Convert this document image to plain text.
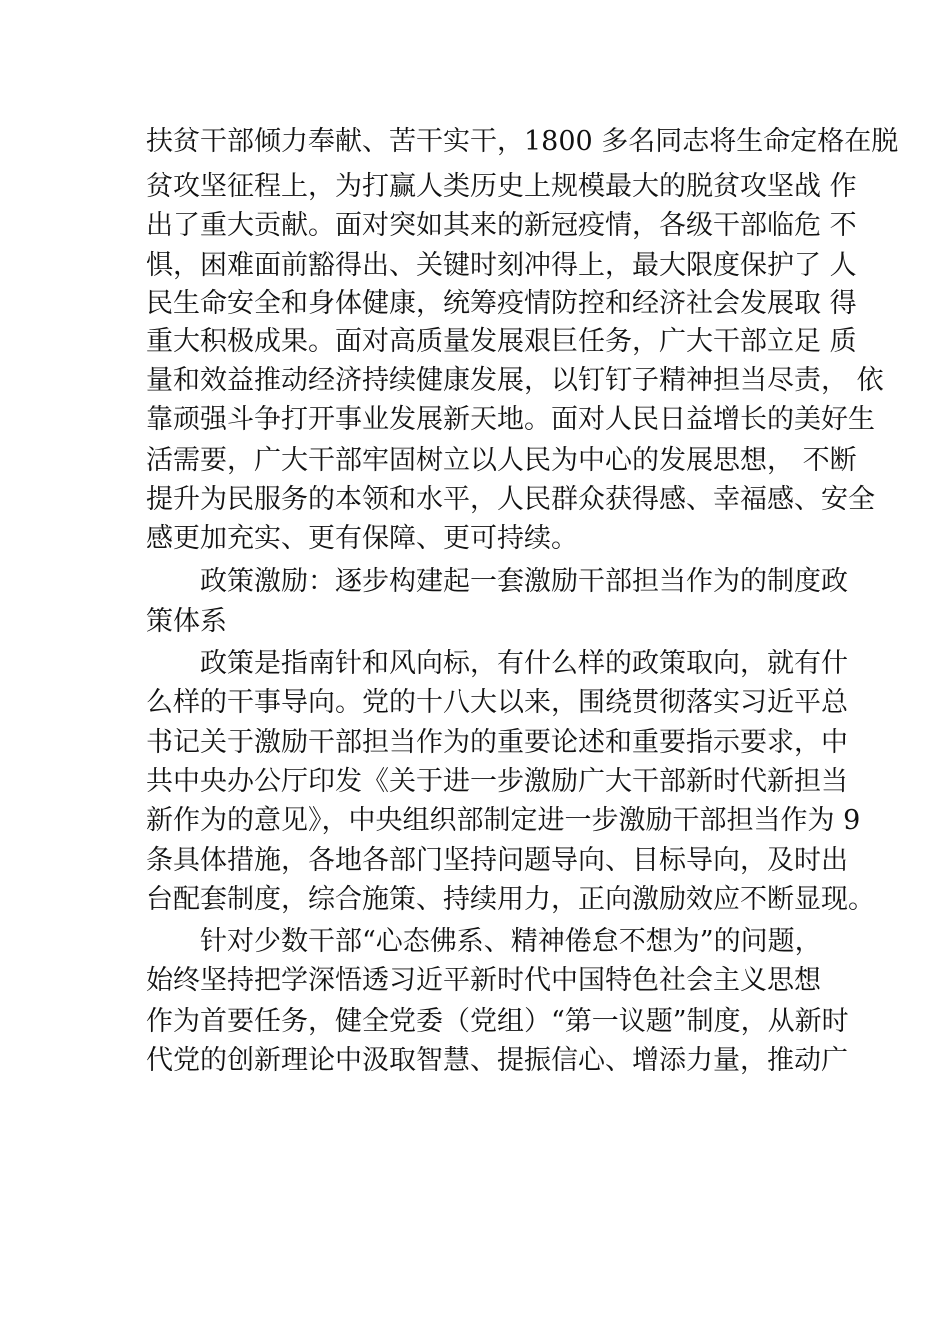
扶贫干部倾力奉献、苦干实干，1800 多名同志将生命定格在脱
贫攻坚征程上，为打赢人类历史上规模最大的脱贫攻坚战 作
出了重大贡献。面对突如其来的新冠疫情，各级干部临危 不
惧，困难面前豁得出、关键时刻冲得上，最大限度保护了 人
民生命安全和身体健康，统筹疫情防控和经济社会发展取 得
重大积极成果。面对高质量发展艰巨任务，广大干部立足 质
量和效益推动经济持续健康发展，以钉钉子精神担当尽责， 依
靠顽强斗争打开事业发展新天地。面对人民日益增长的美好生
活需要，广大干部牢固树立以人民为中心的发展思想， 不断
提升为民服务的本领和水平，人民群众获得感、幸福感、安全
感更加充实、更有保障、更可持续。
政策激励：逐步构建起一套激励干部担当作为的制度政
策体系
政策是指南针和风向标，有什么样的政策取向，就有什
么样的干事导向。党的十八大以来，围绕贯彻落实习近平总
书记关于激励干部担当作为的重要论述和重要指示要求，中
共中央办公厅印发《关于进一步激励广大干部新时代新担当
新作为的意见》，中央组织部制定进一步激励干部担当作为 9
条具体措施，各地各部门坚持问题导向、目标导向，及时出
台配套制度，综合施策、持续用力，正向激励效应不断显现。
针对少数干部“心态佛系、精神倦怠不想为”的问题，
始终坚持把学深悟透习近平新时代中国特色社会主义思想
作为首要任务，健全党委（党组）“第一议题”制度，从新时
代党的创新理论中汲取智慧、提振信心、增添力量，推动广
